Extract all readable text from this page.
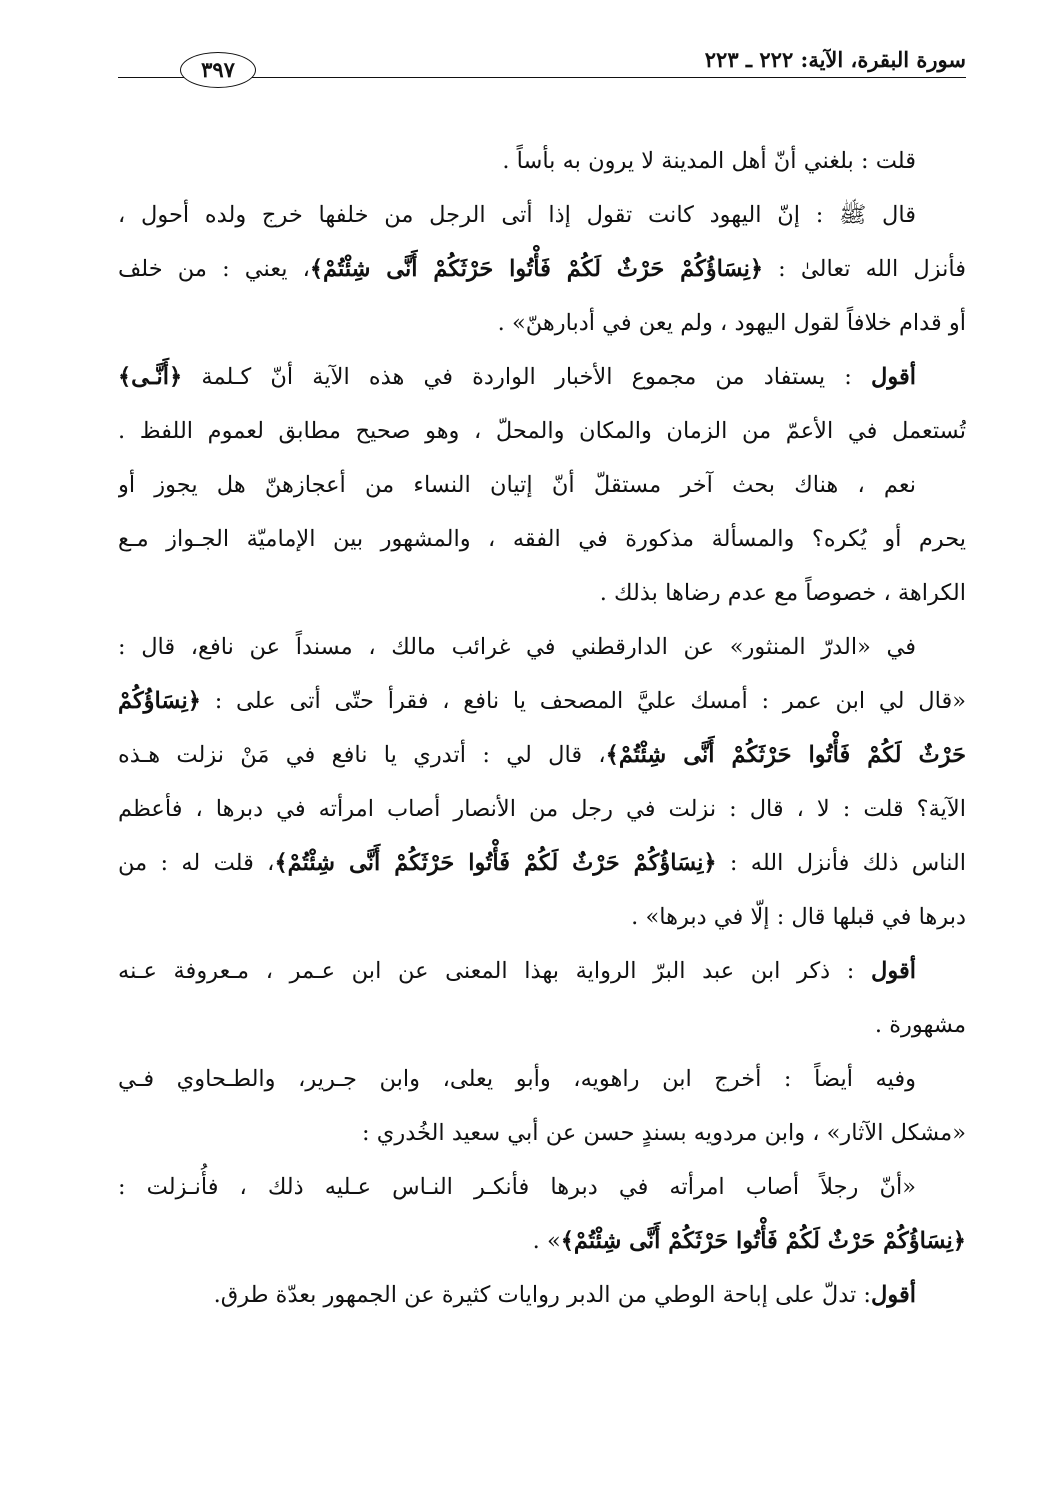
سورة البقرة، الآية: ٢٢٢ ـ ٢٢٣
٣٩٧
قلت : بلغني أنّ أهل المدينة لا يرون به بأساً .
قال ﷺ : إنّ اليهود كانت تقول إذا أتى الرجل من خلفها خرج ولده أحول ،
فأنزل الله تعالىٰ : ﴿نِسَاؤُكُمْ حَرْثٌ لَكُمْ فَأْتُوا حَرْثَكُمْ أَنَّى شِئْتُمْ﴾، يعني : من خلف
أو قدام خلافاً لقول اليهود ، ولم يعن في أدبارهنّ» .
أقول : يستفاد من مجموع الأخبار الواردة في هذه الآية أنّ كـلمة ﴿أَنَّـى﴾
تُستعمل في الأعمّ من الزمان والمكان والمحلّ ، وهو صحيح مطابق لعموم اللفظ .
نعم ، هناك بحث آخر مستقلّ أنّ إتيان النساء من أعجازهنّ هل يجوز أو
يحرم أو يُكره؟ والمسألة مذكورة في الفقه ، والمشهور بين الإماميّة الجـواز مـع
الكراهة ، خصوصاً مع عدم رضاها بذلك .
في «الدرّ المنثور» عن الدارقطني في غرائب مالك ، مسنداً عن نافع، قال :
«قال لي ابن عمر : أمسك عليَّ المصحف يا نافع ، فقرأ حتّى أتى على : ﴿نِسَاؤُكُمْ
حَرْثٌ لَكُمْ فَأْتُوا حَرْثَكُمْ أَنَّى شِئْتُمْ﴾، قال لي : أتدري يا نافع في مَنْ نزلت هـذه
الآية؟ قلت : لا ، قال : نزلت في رجل من الأنصار أصاب امرأته في دبرها ، فأعظم
الناس ذلك فأنزل الله : ﴿نِسَاؤُكُمْ حَرْثٌ لَكُمْ فَأْتُوا حَرْثَكُمْ أَنَّى شِئْتُمْ﴾، قلت له : من
دبرها في قبلها قال : إلّا في دبرها» .
أقول : ذكر ابن عبد البرّ الرواية بهذا المعنى عن ابن عـمر ، مـعروفة عـنه
مشهورة .
وفيه أيضاً : أخرج ابن راهويه، وأبو يعلى، وابن جـرير، والطـحاوي فـي
«مشكل الآثار» ، وابن مردويه بسندٍ حسن عن أبي سعيد الخُدري :
«أنّ رجلاً أصاب امرأته في دبرها فأنكـر النـاس عـليه ذلك ، فأُنـزلت :
﴿نِسَاؤُكُمْ حَرْثٌ لَكُمْ فَأْتُوا حَرْثَكُمْ أَنَّى شِئْتُمْ﴾» .
أقول: تدلّ على إباحة الوطي من الدبر روايات كثيرة عن الجمهور بعدّة طرق.
